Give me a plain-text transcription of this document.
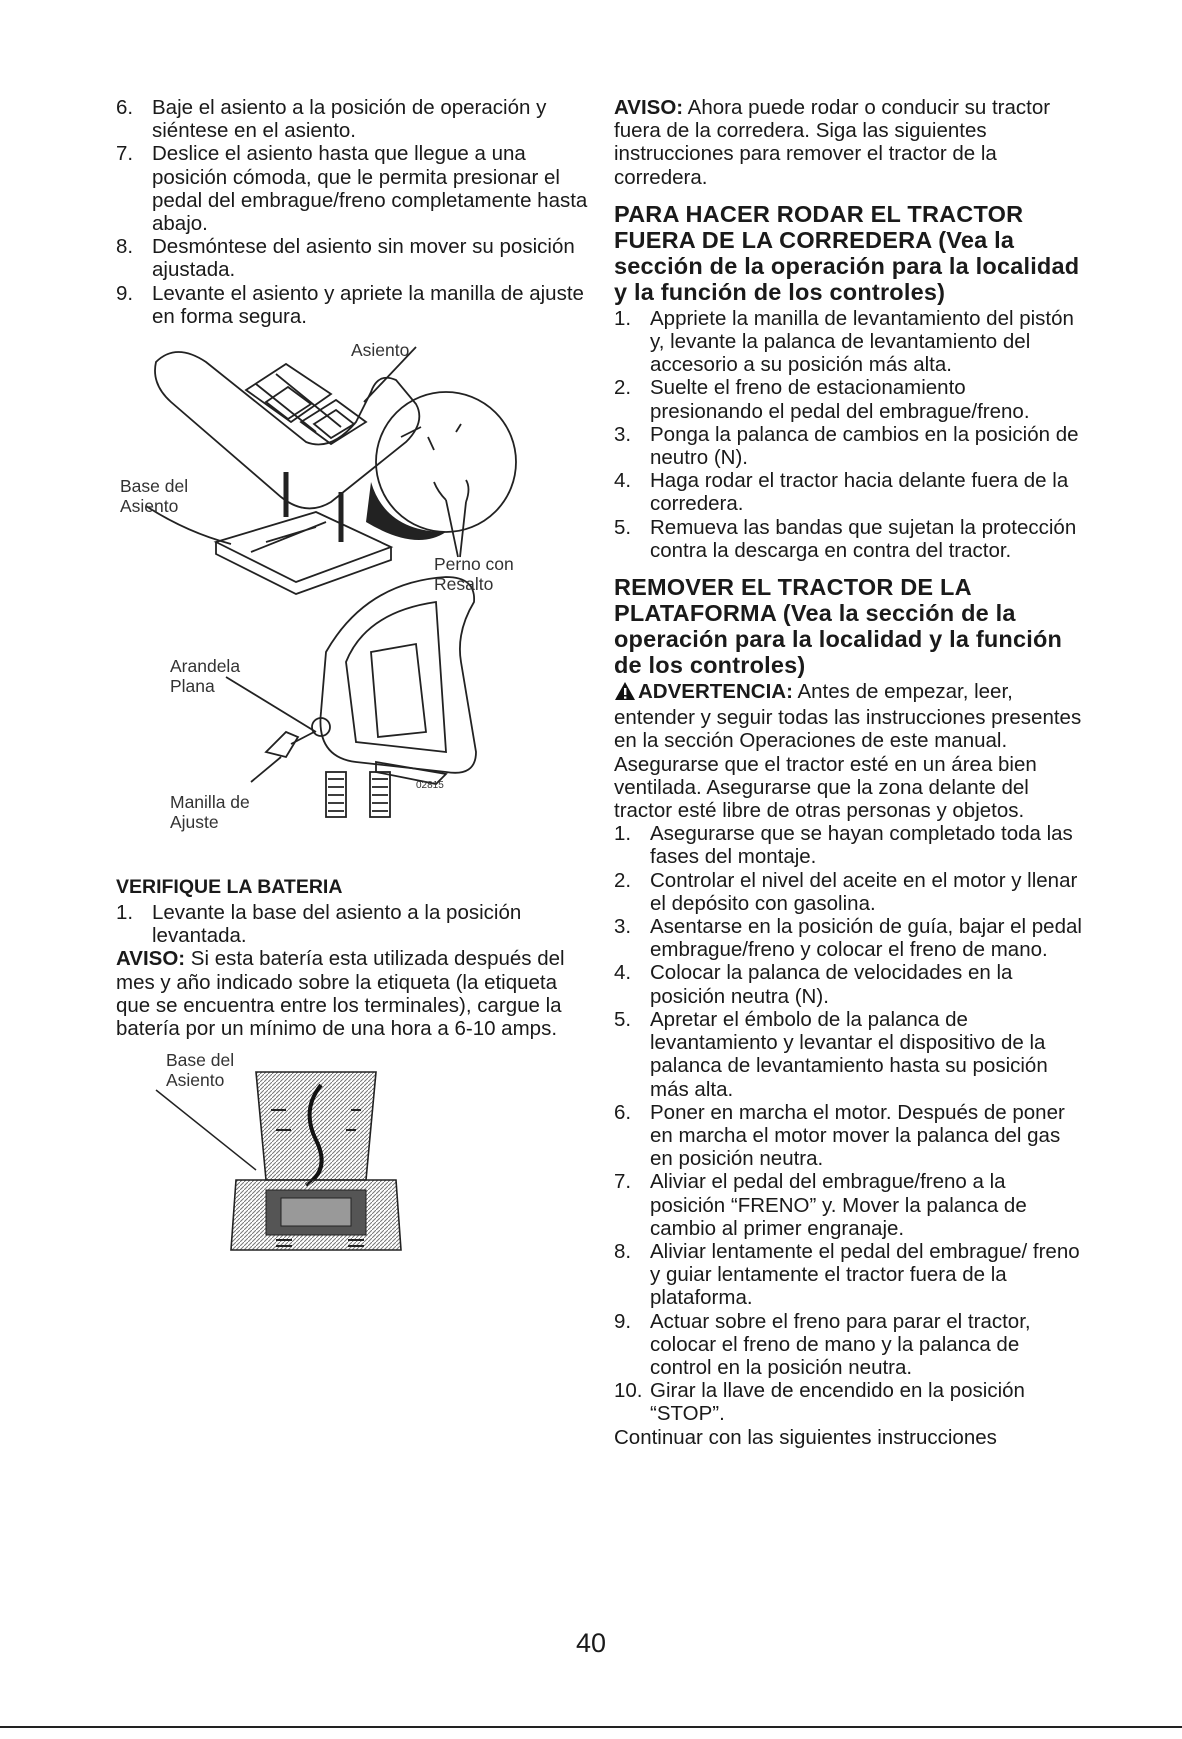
6. Baje el asiento a la posición de operación y siéntese en el asiento.
7. Deslice el asiento hasta que llegue a una posición cómoda, que le permita presionar el pedal del embrague/freno completamente hasta abajo.
8. Desmóntese del asiento sin mover su posición ajustada.
9. Levante el asiento y apriete la manilla de ajuste en forma segura.
Asiento
Base del
Asiento
Perno con
Resalto
Arandela
Plana
Manilla de
Ajuste
02815
VERIFIQUE LA BATERIA
1. Levante la base del asiento a la posición levantada.

AVISO: Si esta batería esta utilizada después del mes y año indicado sobre la etiqueta (la etiqueta que se encuentra entre los terminales), cargue la batería por un mínimo de una hora a 6-10 amps.

Base del
Asiento

AVISO: Ahora puede rodar o conducir su tractor fuera de la corredera. Siga las siguientes instrucciones para remover el tractor de la corredera.

PARA HACER RODAR EL TRACTOR FUERA DE LA CORREDERA (Vea la sección de la operación para la localidad y la función de los controles)
1. Appriete la manilla de levantamiento del pistón y, levante la palanca de levantamiento del accesorio a su posición más alta.
2. Suelte el freno de estacionamiento presionando el pedal del embrague/freno.
3. Ponga la palanca de cambios en la posición de neutro (N).
4. Haga rodar el tractor hacia delante fuera de la corredera.
5. Remueva las bandas que sujetan la protección contra la descarga en contra del tractor.
REMOVER EL TRACTOR DE LA PLATAFORMA (Vea la sección de la operación para la localidad y la función de los controles)

ADVERTENCIA: Antes de empezar, leer, entender y seguir todas las instrucciones presentes en la sección Operaciones de este manual. Asegurarse que el tractor esté en un área bien ventilada. Asegurarse que la zona delante del tractor esté libre de otras personas y objetos.

1. Asegurarse que se hayan completado toda las fases del montaje.
2. Controlar el nivel del aceite en el motor y llenar el depósito con gasolina.
3. Asentarse en la posición de guía, bajar el pedal embrague/freno y colocar el freno de mano.
4. Colocar la palanca de velocidades en la posición neutra (N).
5. Apretar el émbolo de la palanca de levantamiento y levantar el dispositivo de la palanca de levantamiento hasta su posición más alta.
6. Poner en marcha el motor. Después de poner en marcha el motor mover la palanca del gas en posición neutra.
7. Aliviar el pedal del embrague/freno a la posición “FRENO” y. Mover la palanca de cambio al primer engranaje.
8. Aliviar lentamente el pedal del embrague/ freno y guiar lentamente el tractor fuera de la plataforma.
9. Actuar sobre el freno para parar el tractor, colocar el freno de mano y la palanca de control en la posición neutra.
10. Girar la llave de encendido en la posición “STOP”.

Continuar con las siguientes instrucciones

40
